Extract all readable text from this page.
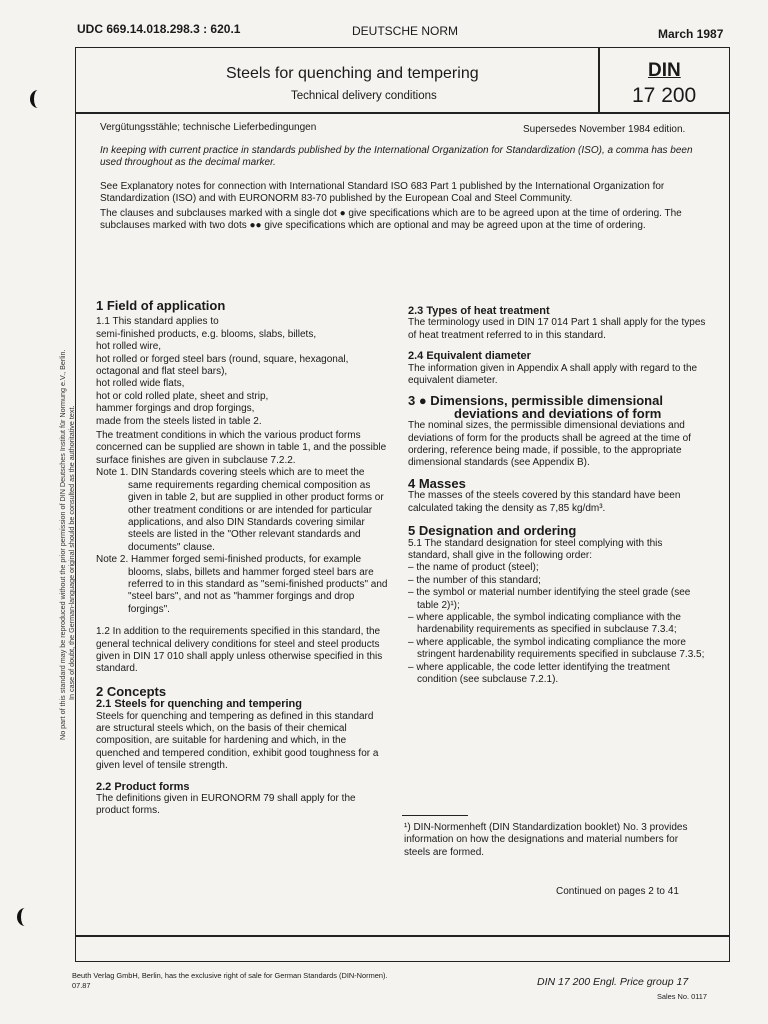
UDC 669.14.018.298.3 : 620.1	DEUTSCHE NORM	March 1987
Steels for quenching and tempering
Technical delivery conditions
DIN
17 200
Vergütungsstähle; technische Lieferbedingungen	Supersedes November 1984 edition.
In keeping with current practice in standards published by the International Organization for Standardization (ISO), a comma has been used throughout as the decimal marker.
See Explanatory notes for connection with International Standard ISO 683 Part 1 published by the International Organization for Standardization (ISO) and with EURONORM 83-70 published by the European Coal and Steel Community.
The clauses and subclauses marked with a single dot ● give specifications which are to be agreed upon at the time of ordering. The subclauses marked with two dots ●● give specifications which are optional and may be agreed upon at the time of ordering.

1 Field of application

1.1 This standard applies to

semi-finished products, e.g. blooms, slabs, billets,

hot rolled wire,

hot rolled or forged steel bars (round, square, hexagonal, octagonal and flat steel bars),

hot rolled wide flats,

hot or cold rolled plate, sheet and strip,

hammer forgings and drop forgings,

made from the steels listed in table 2.

The treatment conditions in which the various product forms concerned can be supplied are shown in table 1, and the possible surface finishes are given in subclause 7.2.2.

Note 1. DIN Standards covering steels which are to meet the same requirements regarding chemical composition as given in table 2, but are supplied in other product forms or other treatment conditions or are intended for particular applications, and also DIN Standards covering similar steels are listed in the "Other relevant standards and documents" clause.

Note 2. Hammer forged semi-finished products, for example blooms, slabs, billets and hammer forged steel bars are referred to in this standard as "semi-finished products" and "steel bars", and not as "hammer forgings and drop forgings".

1.2 In addition to the requirements specified in this standard, the general technical delivery conditions for steel and steel products given in DIN 17 010 shall apply unless otherwise specified in this standard.

2 Concepts

2.1 Steels for quenching and tempering

Steels for quenching and tempering as defined in this standard are structural steels which, on the basis of their chemical composition, are suitable for hardening and which, in the quenched and tempered condition, exhibit good toughness for a given level of tensile strength.

2.2 Product forms

The definitions given in EURONORM 79 shall apply for the product forms.

2.3 Types of heat treatment

The terminology used in DIN 17 014 Part 1 shall apply for the types of heat treatment referred to in this standard.

2.4 Equivalent diameter

The information given in Appendix A shall apply with regard to the equivalent diameter.

3 ● Dimensions, permissible dimensional deviations and deviations of form

The nominal sizes, the permissible dimensional deviations and deviations of form for the products shall be agreed at the time of ordering, reference being made, if possible, to the appropriate dimensional standards (see Appendix B).

4 Masses

The masses of the steels covered by this standard have been calculated taking the density as 7,85 kg/dm³.

5 Designation and ordering

5.1 The standard designation for steel complying with this standard, shall give in the following order:

– the name of product (steel);

– the number of this standard;

– the symbol or material number identifying the steel grade (see table 2)¹);

– where applicable, the symbol indicating compliance with the hardenability requirements as specified in subclause 7.3.4;

– where applicable, the symbol indicating compliance the more stringent hardenability requirements specified in subclause 7.3.5;

– where applicable, the code letter identifying the treatment condition (see subclause 7.2.1).

¹) DIN-Normenheft (DIN Standardization booklet) No. 3 provides information on how the designations and material numbers for steels are formed.
Continued on pages 2 to 41
Beuth Verlag GmbH, Berlin, has the exclusive right of sale for German Standards (DIN-Normen).
07.87	DIN 17 200 Engl. Price group 17
Sales No. 0117
No part of this standard may be reproduced without the prior permission of DIN Deutsches Institut für Normung e.V., Berlin. In case of doubt, the German-language original should be consulted as the authoritative text.
